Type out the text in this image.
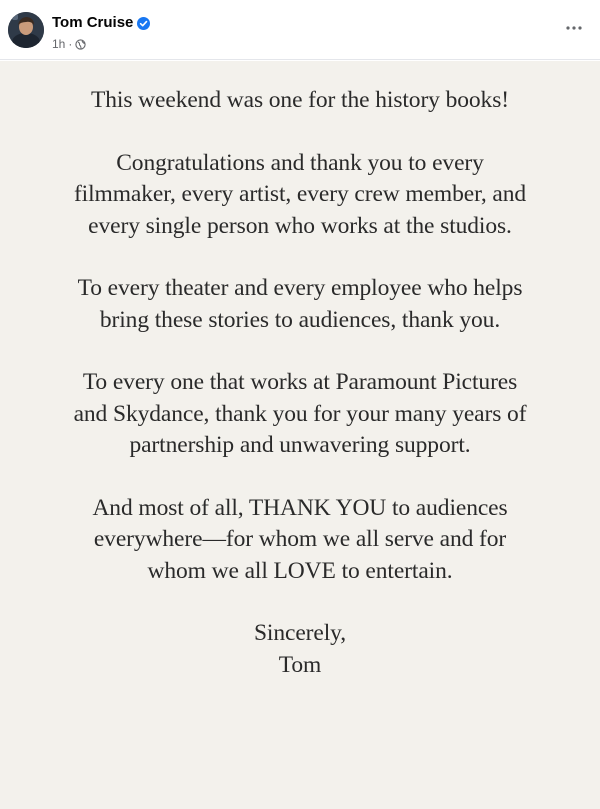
Tom Cruise
1h ·

This weekend was one for the history books!

Congratulations and thank you to every
filmmaker, every artist, every crew member, and
every single person who works at the studios.

To every theater and every employee who helps
bring these stories to audiences, thank you.

To every one that works at Paramount Pictures
and Skydance, thank you for your many years of
partnership and unwavering support.

And most of all, THANK YOU to audiences
everywhere—for whom we all serve and for
whom we all LOVE to entertain.

Sincerely,
Tom
